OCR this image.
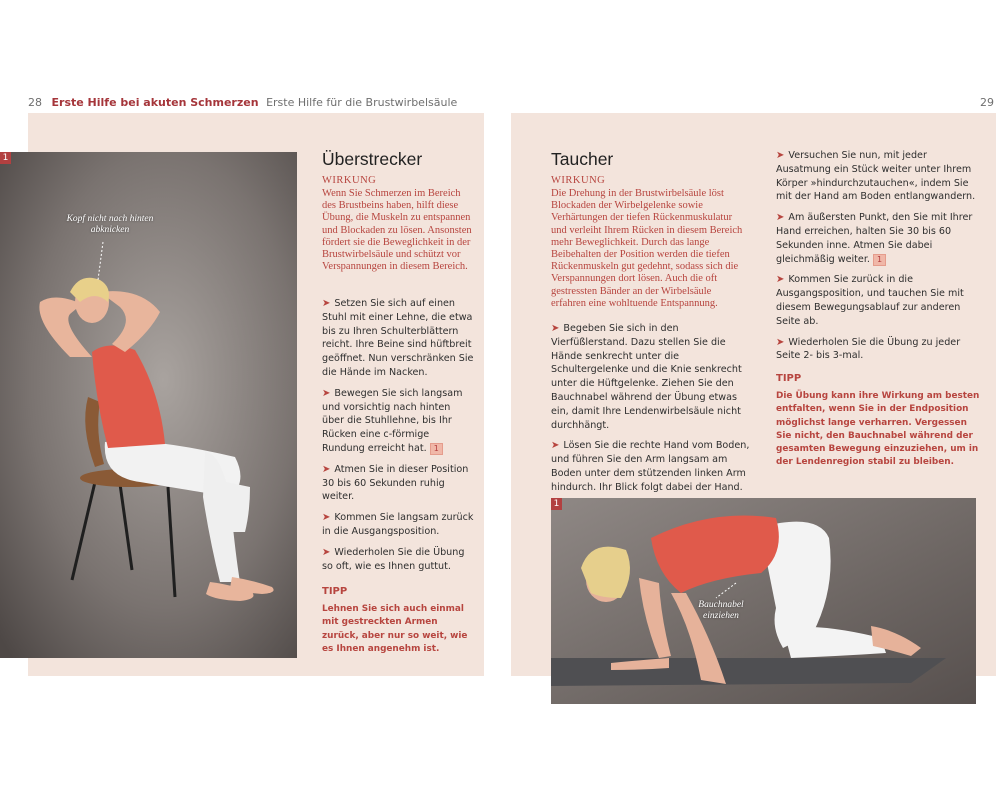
28 Erste Hilfe bei akuten Schmerzen Erste Hilfe für die Brustwirbelsäule	29
1
Kopf nicht nach hinten abknicken
Überstrecker
WIRKUNG

Wenn Sie Schmerzen im Bereich des Brustbeins haben, hilft diese Übung, die Muskeln zu entspannen und Blockaden zu lösen. Ansonsten fördert sie die Beweglichkeit in der Brustwirbelsäule und schützt vor Verspannungen in diesem Bereich.

➤ Setzen Sie sich auf einen Stuhl mit einer Lehne, die etwa bis zu Ihren Schulterblättern reicht. Ihre Beine sind hüftbreit geöffnet. Nun verschränken Sie die Hände im Nacken.
➤ Bewegen Sie sich langsam und vorsichtig nach hinten über die Stuhllehne, bis Ihr Rücken eine c-förmige Rundung erreicht hat. 1
➤ Atmen Sie in dieser Position 30 bis 60 Sekunden ruhig weiter.
➤ Kommen Sie langsam zurück in die Ausgangsposition.
➤ Wiederholen Sie die Übung so oft, wie es Ihnen guttut.
TIPP

Lehnen Sie sich auch einmal mit gestreckten Armen zurück, aber nur so weit, wie es Ihnen angenehm ist.

Taucher
WIRKUNG

Die Drehung in der Brustwirbelsäule löst Blockaden der Wirbelgelenke sowie Verhärtungen der tiefen Rückenmuskulatur und verleiht Ihrem Rücken in diesem Bereich mehr Beweglichkeit. Durch das lange Beibehalten der Position werden die tiefen Rückenmuskeln gut gedehnt, sodass sich die Verspannungen dort lösen. Auch die oft gestressten Bänder an der Wirbelsäule erfahren eine wohltuende Entspannung.

➤ Begeben Sie sich in den Vierfüßlerstand. Dazu stellen Sie die Hände senkrecht unter die Schultergelenke und die Knie senkrecht unter die Hüftgelenke. Ziehen Sie den Bauchnabel während der Übung etwas ein, damit Ihre Lendenwirbelsäule nicht durchhängt.
➤ Lösen Sie die rechte Hand vom Boden, und führen Sie den Arm langsam am Boden unter dem stützenden linken Arm hindurch. Ihr Blick folgt dabei der Hand.
➤ Versuchen Sie nun, mit jeder Ausatmung ein Stück weiter unter Ihrem Körper »hindurchzutauchen«, indem Sie mit der Hand am Boden entlangwandern.
➤ Am äußersten Punkt, den Sie mit Ihrer Hand erreichen, halten Sie 30 bis 60 Sekunden inne. Atmen Sie dabei gleichmäßig weiter. 1
➤ Kommen Sie zurück in die Ausgangsposition, und tauchen Sie mit diesem Bewegungsablauf zur anderen Seite ab.
➤ Wiederholen Sie die Übung zu jeder Seite 2- bis 3-mal.
TIPP

Die Übung kann ihre Wirkung am besten entfalten, wenn Sie in der Endposition möglichst lange verharren. Vergessen Sie nicht, den Bauchnabel während der gesamten Bewegung einzuziehen, um in der Lendenregion stabil zu bleiben.

1
Bauchnabel einziehen
